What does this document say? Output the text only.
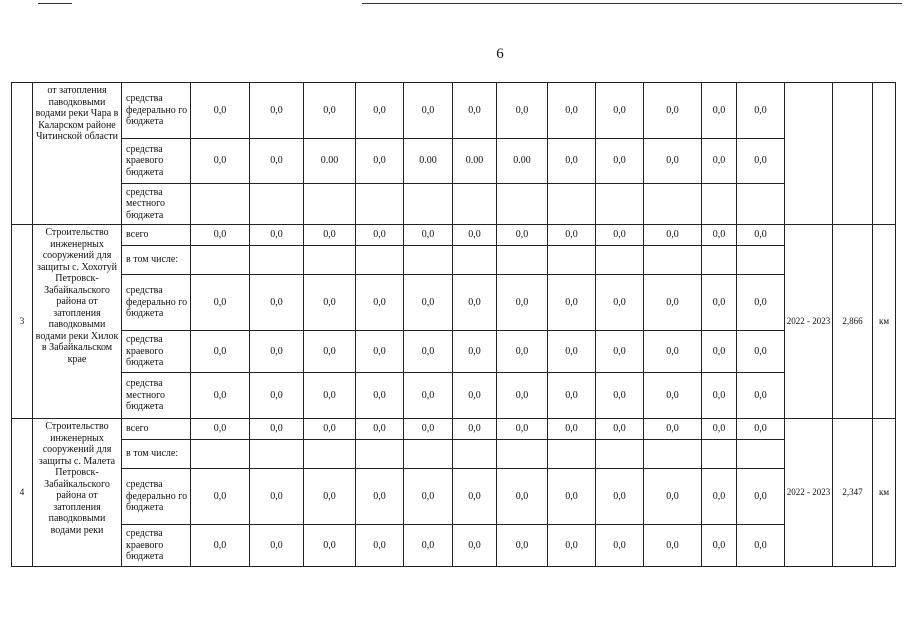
6
	от затопления паводковыми водами реки Чара в Каларском районе Читинской области	средства федерально го бюджета	0,0	0,0	0,0	0,0	0,0	0,0	0,0	0,0	0,0	0,0	0,0	0,0			
		средства краевого бюджета	0,0	0,0	0.00	0,0	0.00	0.00	0.00	0,0	0,0	0,0	0,0	0,0			
		средства местного бюджета															
3	Строительство инженерных сооружений для защиты с. Хохотуй Петровск-Забайкальского района от затопления паводковыми водами реки Хилок в Забайкальском крае	всего	0,0	0,0	0,0	0,0	0,0	0,0	0,0	0,0	0,0	0,0	0,0	0,0	2022 - 2023	2,866	км
		в том числе:															
		средства федерально го бюджета	0,0	0,0	0,0	0,0	0,0	0,0	0,0	0,0	0,0	0,0	0,0	0,0			
		средства краевого бюджета	0,0	0,0	0,0	0,0	0,0	0,0	0,0	0,0	0,0	0,0	0,0	0,0			
		средства местного бюджета	0,0	0,0	0,0	0,0	0,0	0,0	0,0	0,0	0,0	0,0	0,0	0,0			
4	Строительство инженерных сооружений для защиты с. Малета Петровск-Забайкальского района от затопления паводковыми водами реки	всего	0,0	0,0	0,0	0,0	0,0	0,0	0,0	0,0	0,0	0,0	0,0	0,0	2022 - 2023	2,347	км
		в том числе:															
		средства федерально го бюджета	0,0	0,0	0,0	0,0	0,0	0,0	0,0	0,0	0,0	0,0	0,0	0,0			
		средства краевого бюджета	0,0	0,0	0,0	0,0	0,0	0,0	0,0	0,0	0,0	0,0	0,0	0,0			
